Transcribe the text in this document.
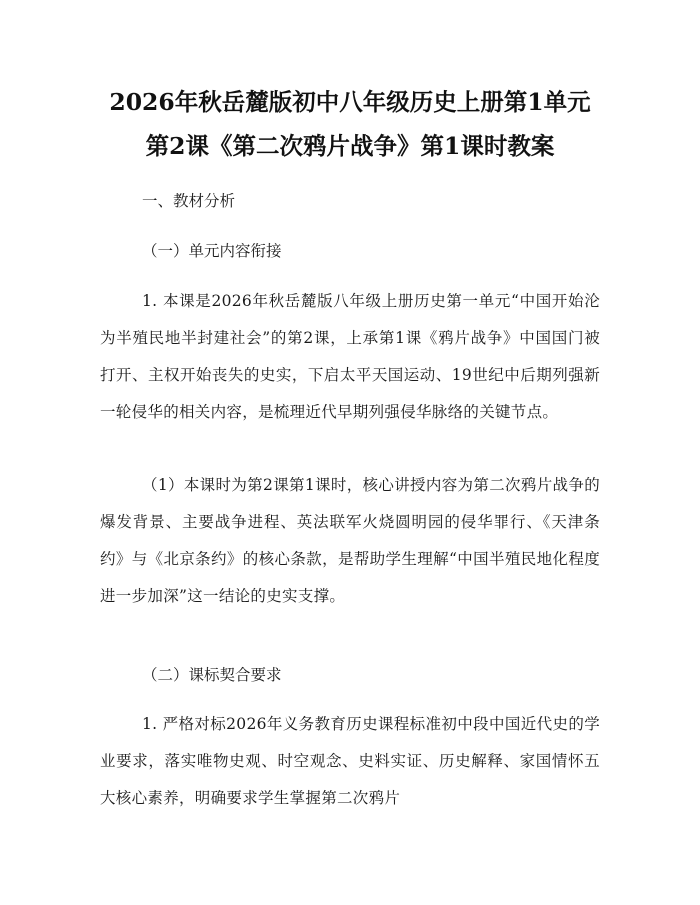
2026年秋岳麓版初中八年级历史上册第1单元第2课《第二次鸦片战争》第1课时教案

一、教材分析

（一）单元内容衔接

1. 本课是2026年秋岳麓版八年级上册历史第一单元“中国开始沦为半殖民地半封建社会”的第2课，上承第1课《鸦片战争》中国国门被打开、主权开始丧失的史实，下启太平天国运动、19世纪中后期列强新一轮侵华的相关内容，是梳理近代早期列强侵华脉络的关键节点。

（1）本课时为第2课第1课时，核心讲授内容为第二次鸦片战争的爆发背景、主要战争进程、英法联军火烧圆明园的侵华罪行、《天津条约》与《北京条约》的核心条款，是帮助学生理解“中国半殖民地化程度进一步加深”这一结论的史实支撑。

（二）课标契合要求

1. 严格对标2026年义务教育历史课程标准初中段中国近代史的学业要求，落实唯物史观、时空观念、史料实证、历史解释、家国情怀五大核心素养，明确要求学生掌握第二次鸦片
